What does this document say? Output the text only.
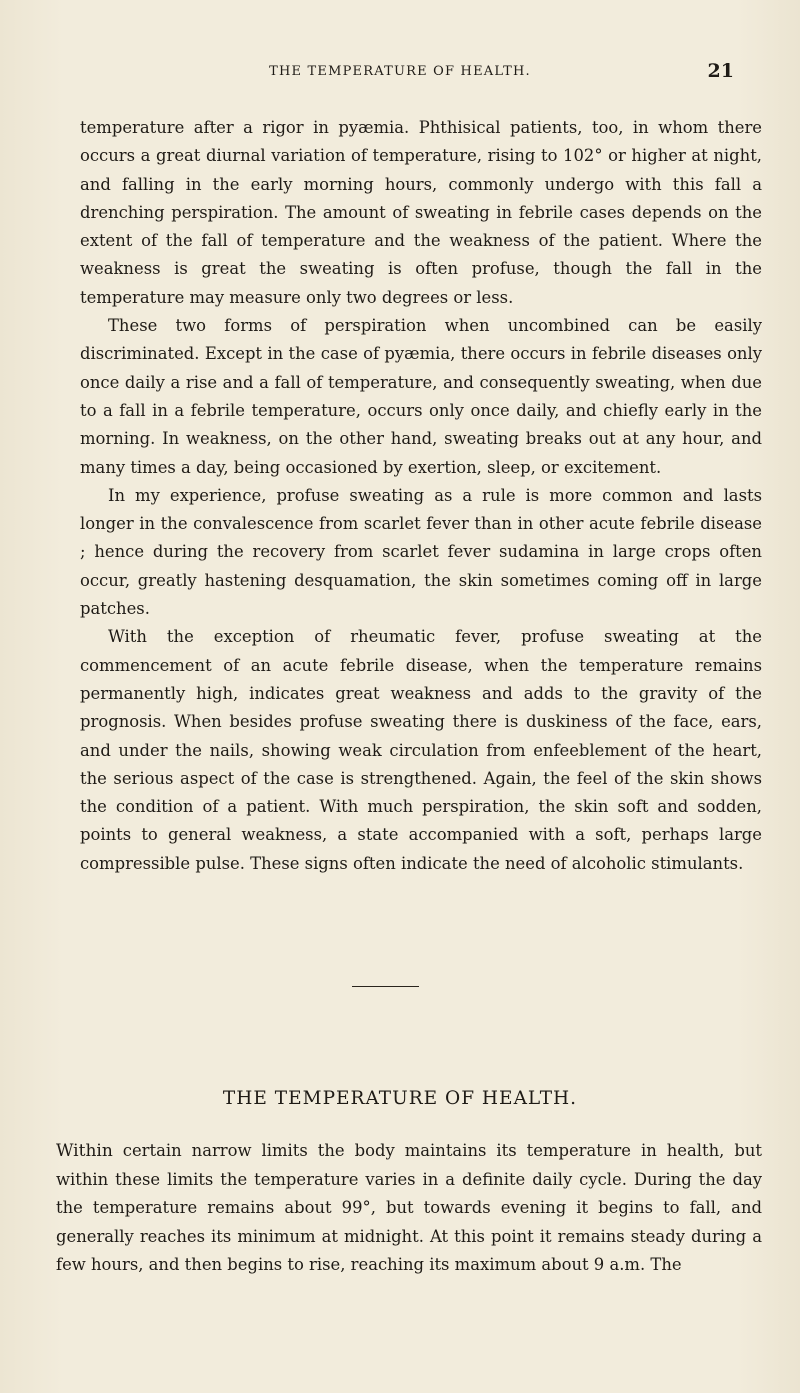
THE TEMPERATURE OF HEALTH.	21

temperature after a rigor in pyæmia. Phthisical patients, too, in whom there occurs a great diurnal variation of temperature, rising to 102° or higher at night, and falling in the early morning hours, commonly undergo with this fall a drenching perspiration. The amount of sweating in febrile cases depends on the extent of the fall of temperature and the weakness of the patient. Where the weakness is great the sweating is often profuse, though the fall in the temperature may measure only two degrees or less.

These two forms of perspiration when uncombined can be easily discriminated. Except in the case of pyæmia, there occurs in febrile diseases only once daily a rise and a fall of temperature, and consequently sweating, when due to a fall in a febrile temperature, occurs only once daily, and chiefly early in the morning. In weakness, on the other hand, sweating breaks out at any hour, and many times a day, being occasioned by exertion, sleep, or excitement.

In my experience, profuse sweating as a rule is more common and lasts longer in the convalescence from scarlet fever than in other acute febrile disease ; hence during the recovery from scarlet fever sudamina in large crops often occur, greatly hastening desquamation, the skin sometimes coming off in large patches.

With the exception of rheumatic fever, profuse sweating at the commencement of an acute febrile disease, when the temperature remains permanently high, indicates great weakness and adds to the gravity of the prognosis. When besides profuse sweating there is duskiness of the face, ears, and under the nails, showing weak circulation from enfeeblement of the heart, the serious aspect of the case is strengthened. Again, the feel of the skin shows the condition of a patient. With much perspiration, the skin soft and sodden, points to general weakness, a state accompanied with a soft, perhaps large compressible pulse. These signs often indicate the need of alcoholic stimulants.

THE TEMPERATURE OF HEALTH.

Within certain narrow limits the body maintains its temperature in health, but within these limits the temperature varies in a definite daily cycle. During the day the temperature remains about 99°, but towards evening it begins to fall, and generally reaches its minimum at midnight. At this point it remains steady during a few hours, and then begins to rise, reaching its maximum about 9 a.m. The
